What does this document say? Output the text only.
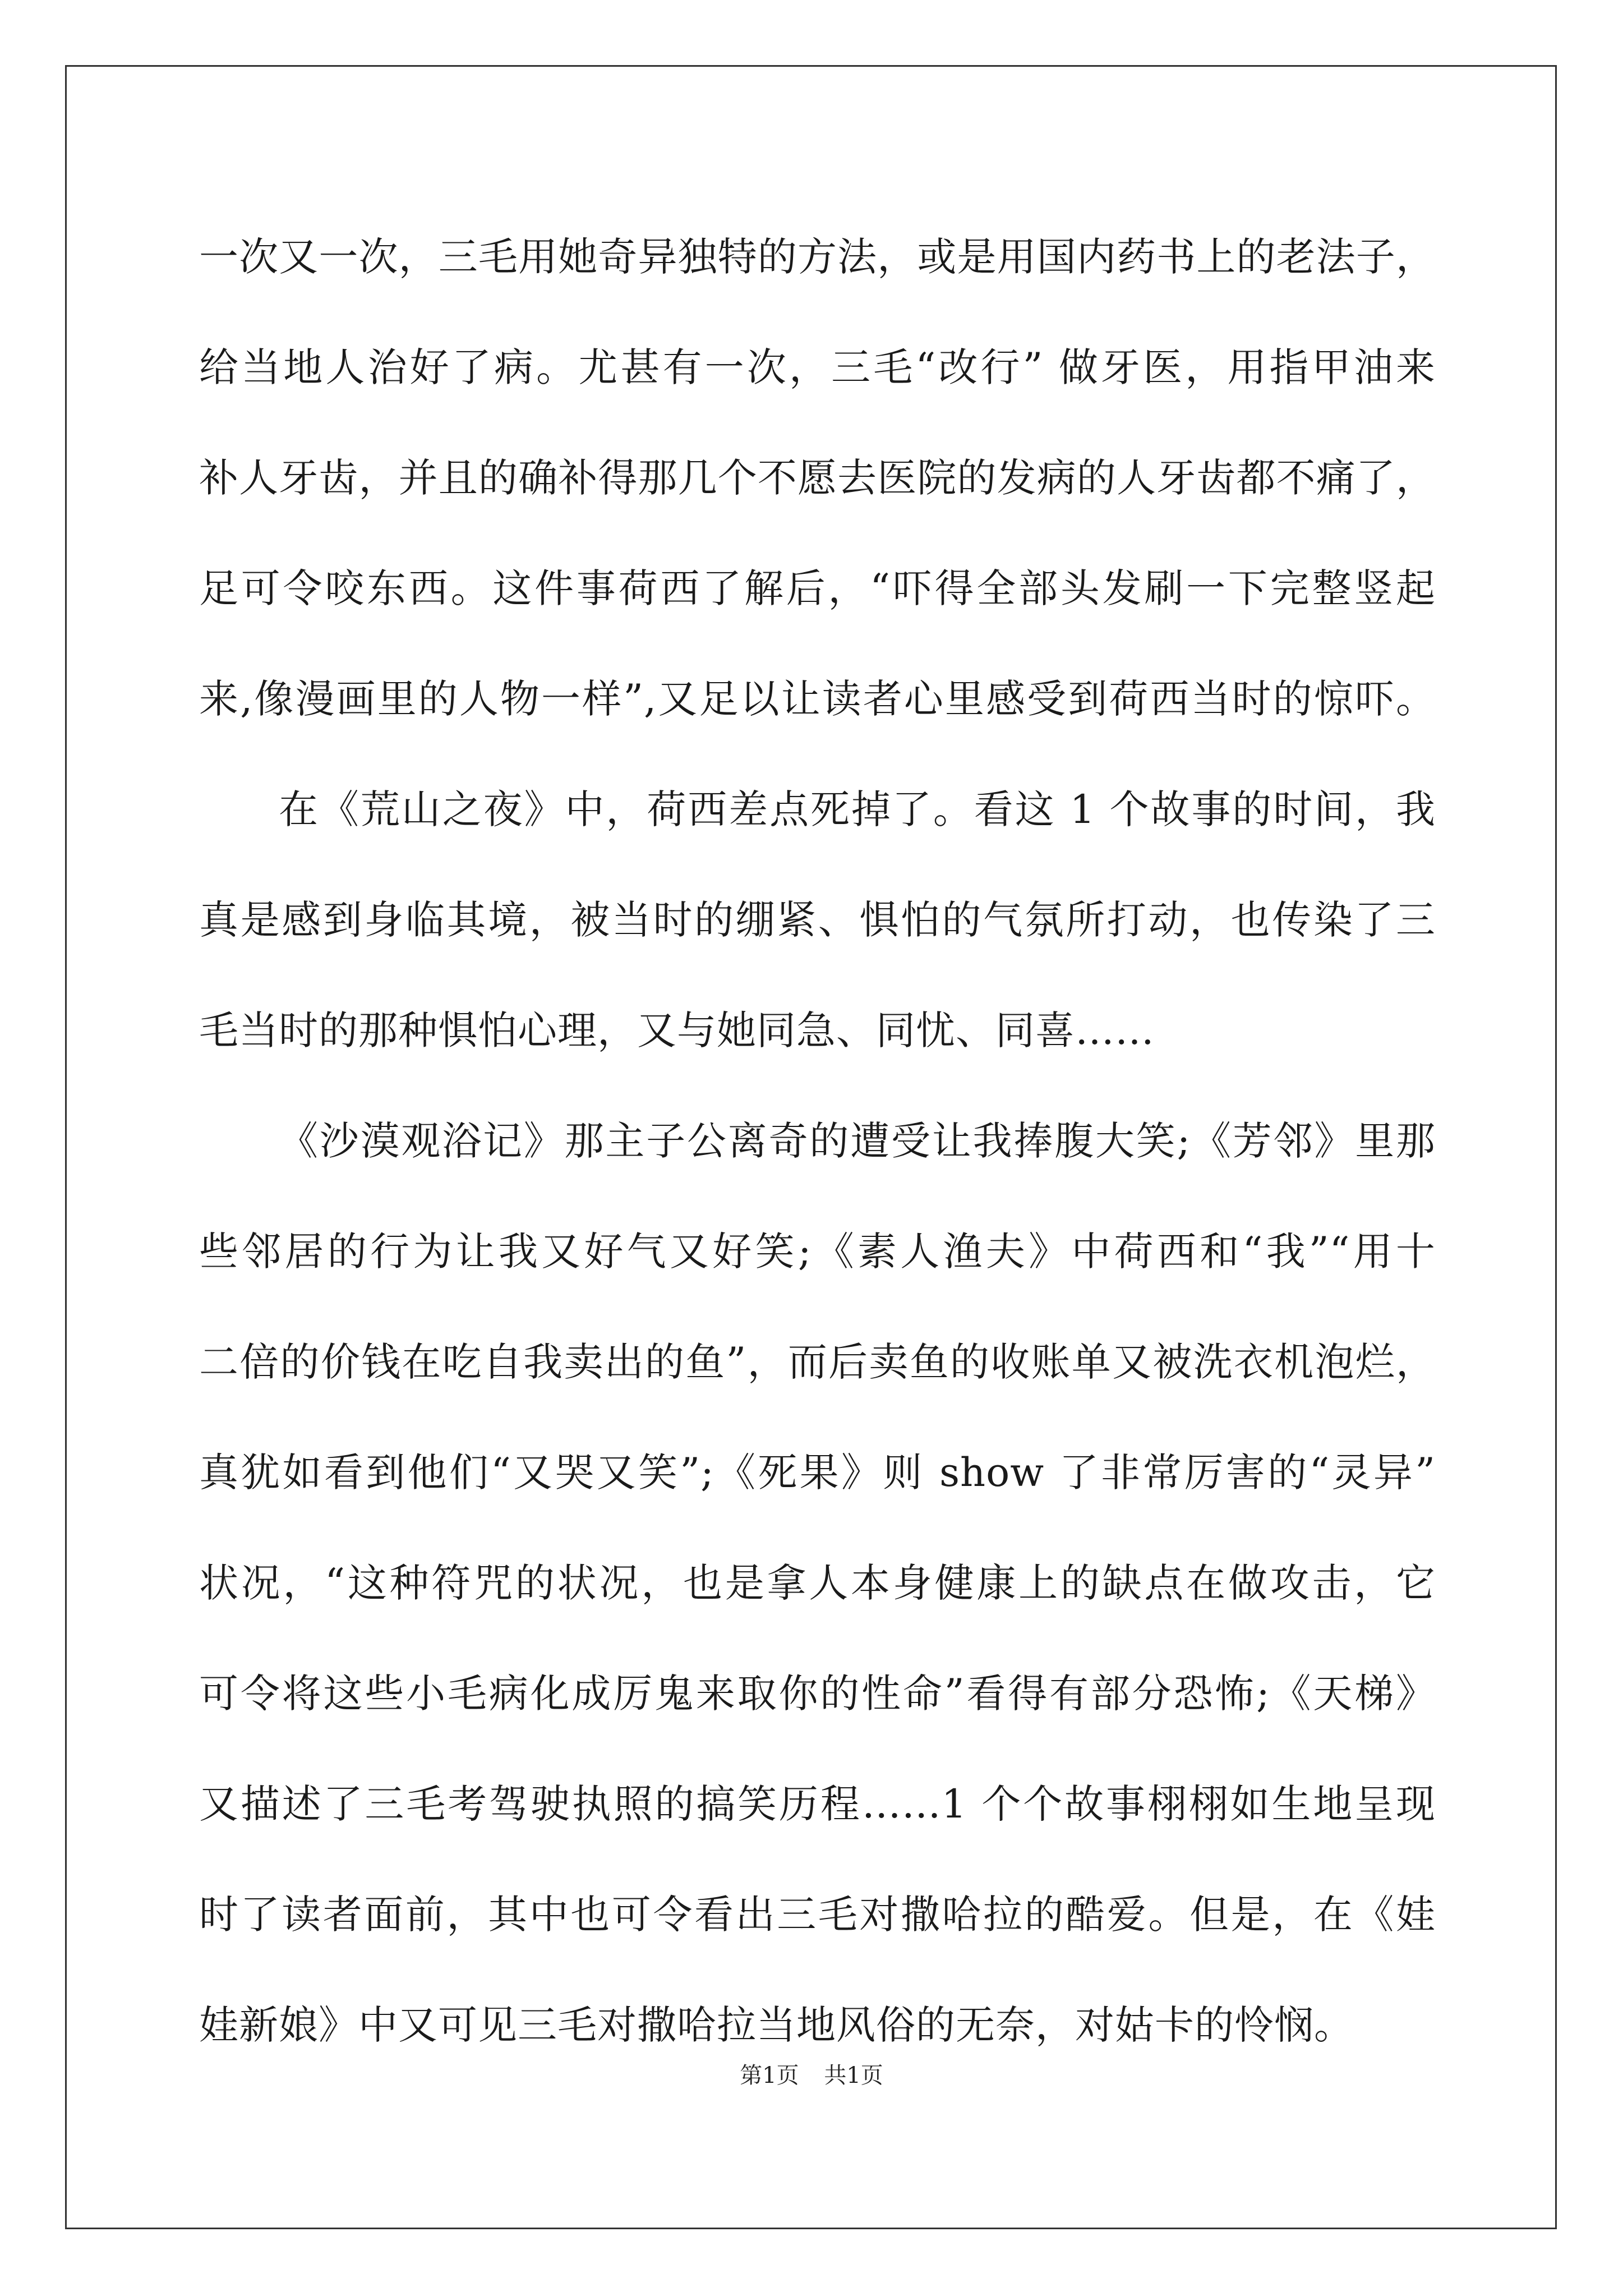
一次又一次，三毛用她奇异独特的方法，或是用国内药书上的老法子，
给当地人治好了病。尤甚有一次，三毛“改行” 做牙医，用指甲油来
补人牙齿，并且的确补得那几个不愿去医院的发病的人牙齿都不痛了，
足可令咬东西。这件事荷西了解后，“吓得全部头发刷一下完整竖起
来,像漫画里的人物一样”,又足以让读者心里感受到荷西当时的惊吓。
在《荒山之夜》中，荷西差点死掉了。看这 1 个故事的时间，我
真是感到身临其境，被当时的绷紧、惧怕的气氛所打动，也传染了三
毛当时的那种惧怕心理，又与她同急、同忧、同喜……
《沙漠观浴记》那主子公离奇的遭受让我捧腹大笑;《芳邻》里那
些邻居的行为让我又好气又好笑;《素人渔夫》中荷西和“我”“用十
二倍的价钱在吃自我卖出的鱼”，而后卖鱼的收账单又被洗衣机泡烂，
真犹如看到他们“又哭又笑”;《死果》则 show 了非常厉害的“灵异”
状况，“这种符咒的状况，也是拿人本身健康上的缺点在做攻击，它
可令将这些小毛病化成厉鬼来取你的性命”看得有部分恐怖;《天梯》
又描述了三毛考驾驶执照的搞笑历程……1 个个故事栩栩如生地呈现
时了读者面前，其中也可令看出三毛对撒哈拉的酷爱。但是，在《娃
娃新娘》中又可见三毛对撒哈拉当地风俗的无奈，对姑卡的怜悯。
第1页 共1页
